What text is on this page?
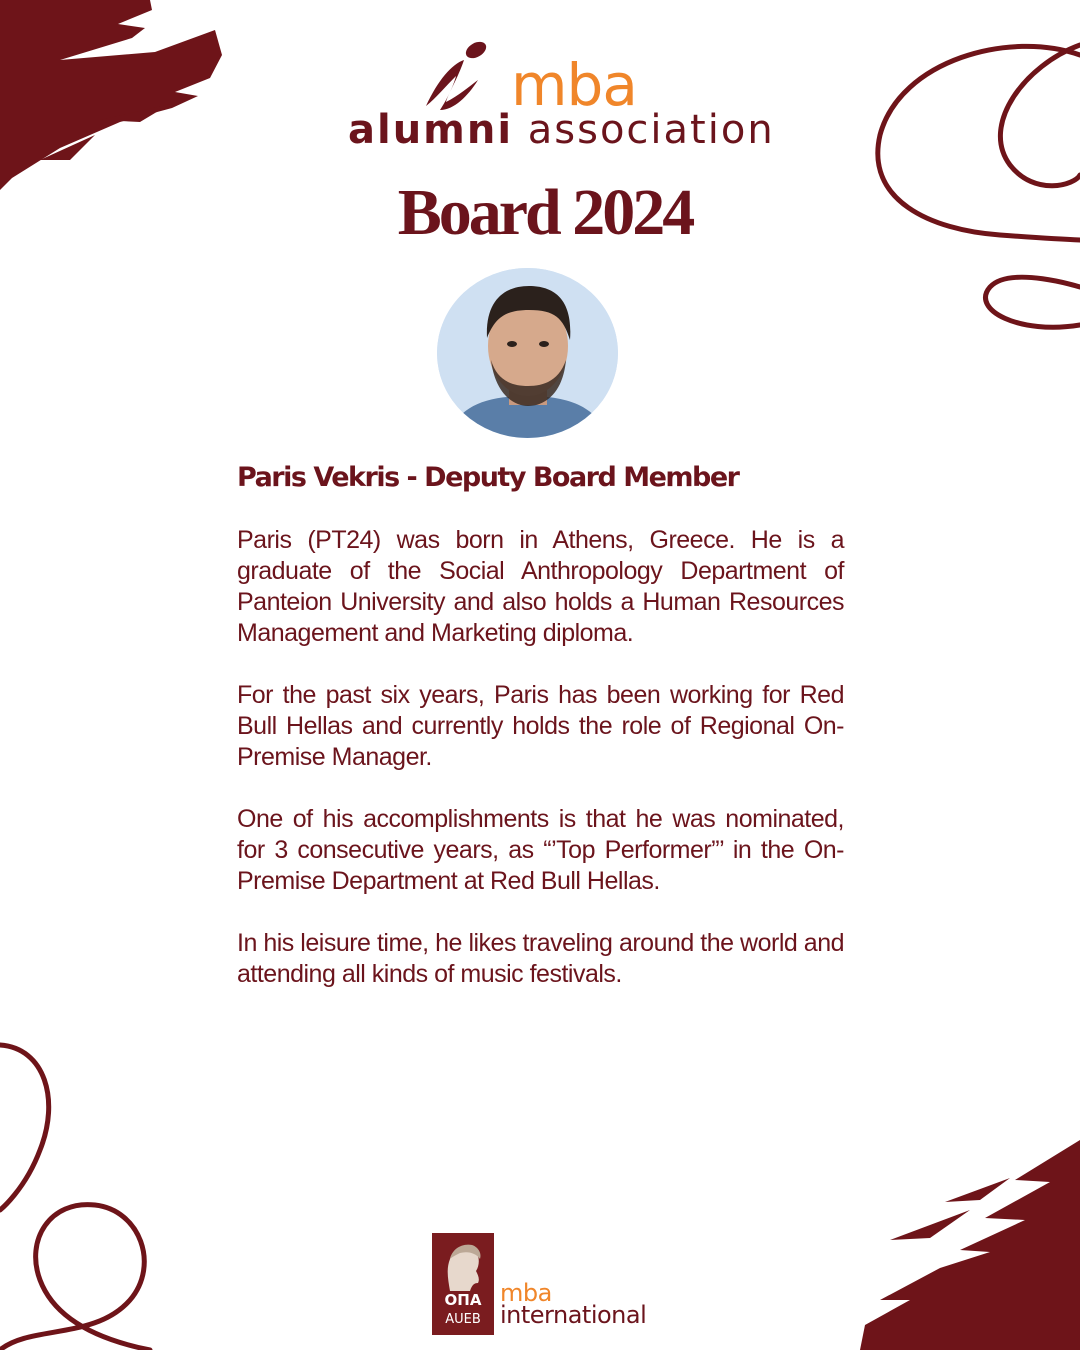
mba
alumni association
Board 2024
Paris Vekris - Deputy Board Member

Paris (PT24) was born in Athens, Greece. He is a graduate of the Social Anthropology Department of Panteion University and also holds a Human Resources Management and Marketing diploma.

For the past six years, Paris has been working for Red Bull Hellas and currently holds the role of Regional On-Premise Manager.

One of his accomplishments is that he was nominated, for 3 consecutive years, as “’Top Performer”’ in the On-Premise Department at Red Bull Hellas.

In his leisure time, he likes traveling around the world and attending all kinds of music festivals.

ΟΠΑ
AUEB
mba
international
